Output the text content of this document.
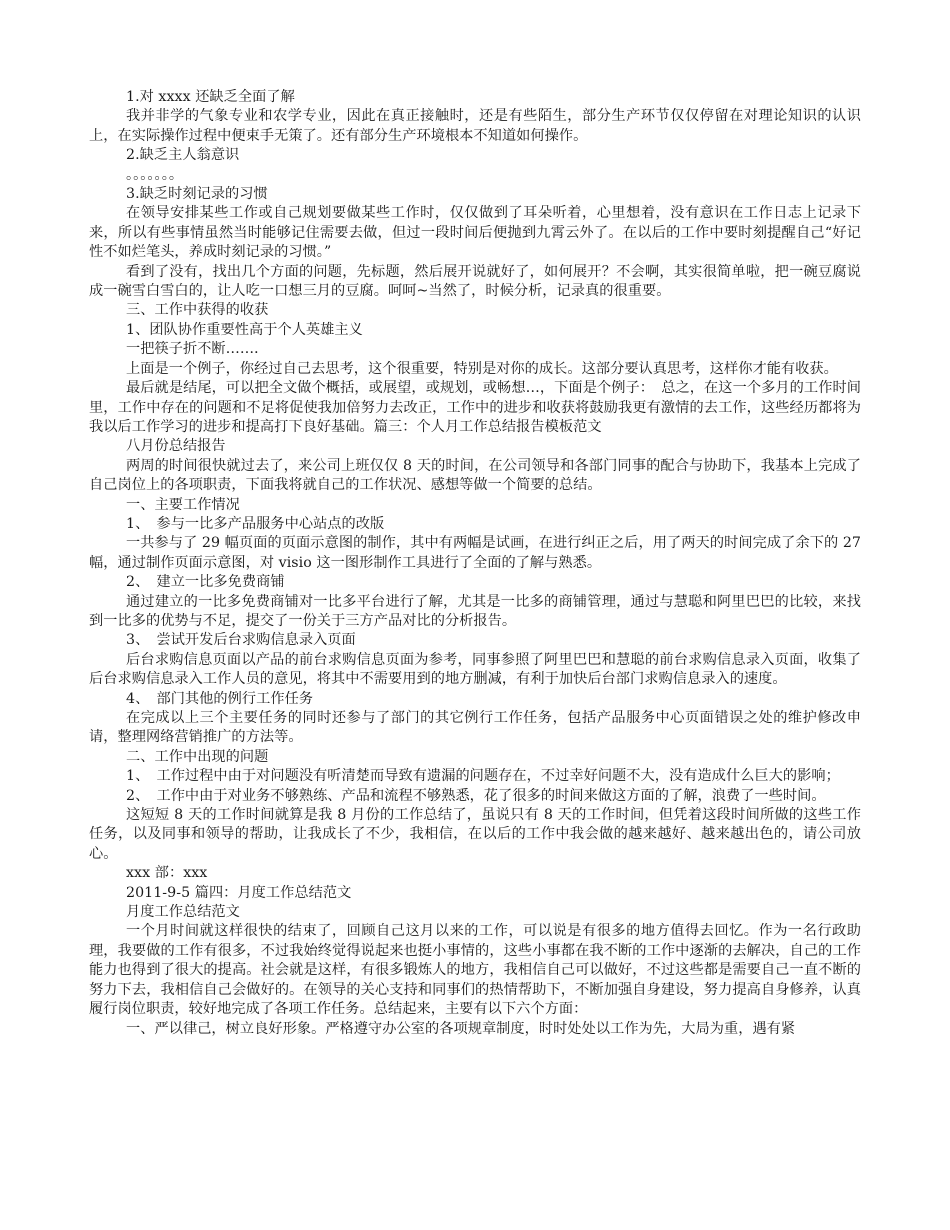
1.对 xxxx 还缺乏全面了解

我并非学的气象专业和农学专业，因此在真正接触时，还是有些陌生，部分生产环节仅仅停留在对理论知识的认识上，在实际操作过程中便束手无策了。还有部分生产环境根本不知道如何操作。

2.缺乏主人翁意识

。。。。。。。

3.缺乏时刻记录的习惯

在领导安排某些工作或自己规划要做某些工作时，仅仅做到了耳朵听着，心里想着，没有意识在工作日志上记录下来，所以有些事情虽然当时能够记住需要去做，但过一段时间后便抛到九霄云外了。在以后的工作中要时刻提醒自己“好记性不如烂笔头，养成时刻记录的习惯。”

看到了没有，找出几个方面的问题，先标题，然后展开说就好了，如何展开？不会啊，其实很简单啦，把一碗豆腐说成一碗雪白雪白的，让人吃一口想三月的豆腐。呵呵~当然了，时候分析，记录真的很重要。

三、工作中获得的收获

1、团队协作重要性高于个人英雄主义

一把筷子折不断……．

上面是一个例子，你经过自己去思考，这个很重要，特别是对你的成长。这部分要认真思考，这样你才能有收获。

最后就是结尾，可以把全文做个概括，或展望，或规划，或畅想…，下面是个例子：　总之，在这一个多月的工作时间里，工作中存在的问题和不足将促使我加倍努力去改正，工作中的进步和收获将鼓励我更有激情的去工作，这些经历都将为我以后工作学习的进步和提高打下良好基础。篇三：个人月工作总结报告模板范文

八月份总结报告

两周的时间很快就过去了，来公司上班仅仅 8 天的时间，在公司领导和各部门同事的配合与协助下，我基本上完成了自己岗位上的各项职责，下面我将就自己的工作状况、感想等做一个简要的总结。

一、主要工作情况

1、　参与一比多产品服务中心站点的改版

一共参与了 29 幅页面的页面示意图的制作，其中有两幅是试画，在进行纠正之后，用了两天的时间完成了余下的 27 幅，通过制作页面示意图，对 visio 这一图形制作工具进行了全面的了解与熟悉。

2、　建立一比多免费商铺

通过建立的一比多免费商铺对一比多平台进行了解，尤其是一比多的商铺管理，通过与慧聪和阿里巴巴的比较，来找到一比多的优势与不足，提交了一份关于三方产品对比的分析报告。

3、　尝试开发后台求购信息录入页面

后台求购信息页面以产品的前台求购信息页面为参考，同事参照了阿里巴巴和慧聪的前台求购信息录入页面，收集了后台求购信息录入工作人员的意见，将其中不需要用到的地方删减，有利于加快后台部门求购信息录入的速度。

4、　部门其他的例行工作任务

在完成以上三个主要任务的同时还参与了部门的其它例行工作任务，包括产品服务中心页面错误之处的维护修改申请，整理网络营销推广的方法等。

二、工作中出现的问题

1、　工作过程中由于对问题没有听清楚而导致有遗漏的问题存在，不过幸好问题不大，没有造成什么巨大的影响；

2、　工作中由于对业务不够熟练、产品和流程不够熟悉，花了很多的时间来做这方面的了解，浪费了一些时间。

这短短 8 天的工作时间就算是我 8 月份的工作总结了，虽说只有 8 天的工作时间，但凭着这段时间所做的这些工作任务，以及同事和领导的帮助，让我成长了不少，我相信，在以后的工作中我会做的越来越好、越来越出色的，请公司放心。

xxx 部：xxx

2011-9-5 篇四：月度工作总结范文

月度工作总结范文

一个月时间就这样很快的结束了，回顾自己这月以来的工作，可以说是有很多的地方值得去回忆。作为一名行政助理，我要做的工作有很多，不过我始终觉得说起来也挺小事情的，这些小事都在我不断的工作中逐渐的去解决，自己的工作能力也得到了很大的提高。社会就是这样，有很多锻炼人的地方，我相信自己可以做好，不过这些都是需要自己一直不断的努力下去，我相信自己会做好的。在领导的关心支持和同事们的热情帮助下，不断加强自身建设，努力提高自身修养，认真履行岗位职责，较好地完成了各项工作任务。总结起来，主要有以下六个方面：

一、严以律己，树立良好形象。严格遵守办公室的各项规章制度，时时处处以工作为先，大局为重，遇有紧
